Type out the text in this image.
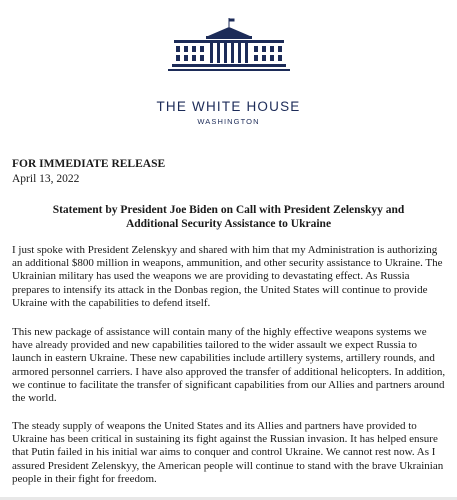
THE WHITE HOUSE
WASHINGTON
FOR IMMEDIATE RELEASE
April 13, 2022
Statement by President Joe Biden on Call with President Zelenskyy and
Additional Security Assistance to Ukraine

I just spoke with President Zelenskyy and shared with him that my Administration is authorizing an additional $800 million in weapons, ammunition, and other security assistance to Ukraine. The Ukrainian military has used the weapons we are providing to devastating effect. As Russia prepares to intensify its attack in the Donbas region, the United States will continue to provide Ukraine with the capabilities to defend itself.

This new package of assistance will contain many of the highly effective weapons systems we have already provided and new capabilities tailored to the wider assault we expect Russia to launch in eastern Ukraine. These new capabilities include artillery systems, artillery rounds, and armored personnel carriers. I have also approved the transfer of additional helicopters. In addition, we continue to facilitate the transfer of significant capabilities from our Allies and partners around the world.

The steady supply of weapons the United States and its Allies and partners have provided to Ukraine has been critical in sustaining its fight against the Russian invasion. It has helped ensure that Putin failed in his initial war aims to conquer and control Ukraine. We cannot rest now. As I assured President Zelenskyy, the American people will continue to stand with the brave Ukrainian people in their fight for freedom.
